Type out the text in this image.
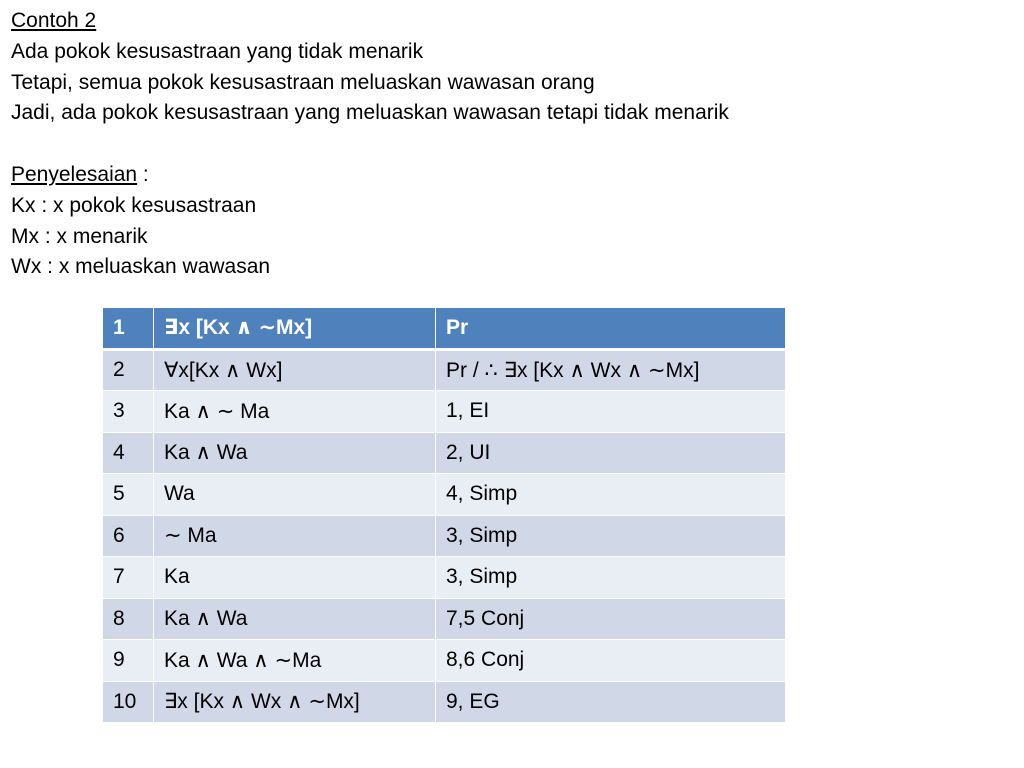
Contoh 2
Ada pokok kesusastraan yang tidak menarik
Tetapi, semua pokok kesusastraan meluaskan wawasan orang
Jadi, ada pokok kesusastraan yang meluaskan wawasan tetapi tidak menarik
Penyelesaian :
Kx : x pokok kesusastraan
Mx : x menarik
Wx : x meluaskan wawasan
1	∃x [Kx ∧ ∼Mx]	Pr
2	∀x[Kx ∧ Wx]	Pr / ∴ ∃x [Kx ∧ Wx ∧ ∼Mx]
3	Ka ∧ ∼ Ma	1, EI
4	Ka ∧ Wa	2, UI
5	Wa	4, Simp
6	∼ Ma	3, Simp
7	Ka	3, Simp
8	Ka ∧ Wa	7,5 Conj
9	Ka ∧ Wa ∧ ∼Ma	8,6 Conj
10	∃x [Kx ∧ Wx ∧ ∼Mx]	9, EG
